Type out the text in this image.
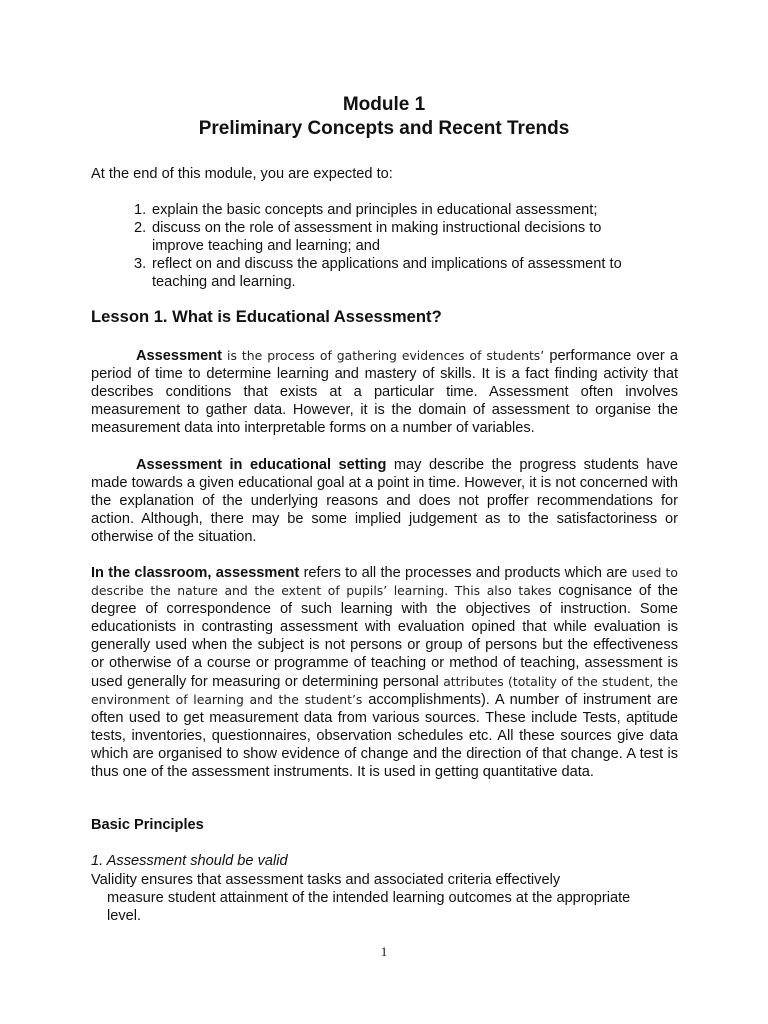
Module 1
Preliminary Concepts and Recent Trends
At the end of this module, you are expected to:
1. explain the basic concepts and principles in educational assessment;
2. discuss on the role of assessment in making instructional decisions to improve teaching and learning; and
3. reflect on and discuss the applications and implications of assessment to teaching and learning.
Lesson 1. What is Educational Assessment?
Assessment is the process of gathering evidences of students’ performance over a period of time to determine learning and mastery of skills. It is a fact finding activity that describes conditions that exists at a particular time. Assessment often involves measurement to gather data. However, it is the domain of assessment to organise the measurement data into interpretable forms on a number of variables.
Assessment in educational setting may describe the progress students have made towards a given educational goal at a point in time. However, it is not concerned with the explanation of the underlying reasons and does not proffer recommendations for action. Although, there may be some implied judgement as to the satisfactoriness or otherwise of the situation.
In the classroom, assessment refers to all the processes and products which are used to describe the nature and the extent of pupils’ learning. This also takes cognisance of the degree of correspondence of such learning with the objectives of instruction. Some educationists in contrasting assessment with evaluation opined that while evaluation is generally used when the subject is not persons or group of persons but the effectiveness or otherwise of a course or programme of teaching or method of teaching, assessment is used generally for measuring or determining personal attributes (totality of the student, the environment of learning and the student’s accomplishments). A number of instrument are often used to get measurement data from various sources. These include Tests, aptitude tests, inventories, questionnaires, observation schedules etc. All these sources give data which are organised to show evidence of change and the direction of that change. A test is thus one of the assessment instruments. It is used in getting quantitative data.
Basic Principles
1. Assessment should be valid
Validity ensures that assessment tasks and associated criteria effectively
measure student attainment of the intended learning outcomes at the appropriate level.
1
